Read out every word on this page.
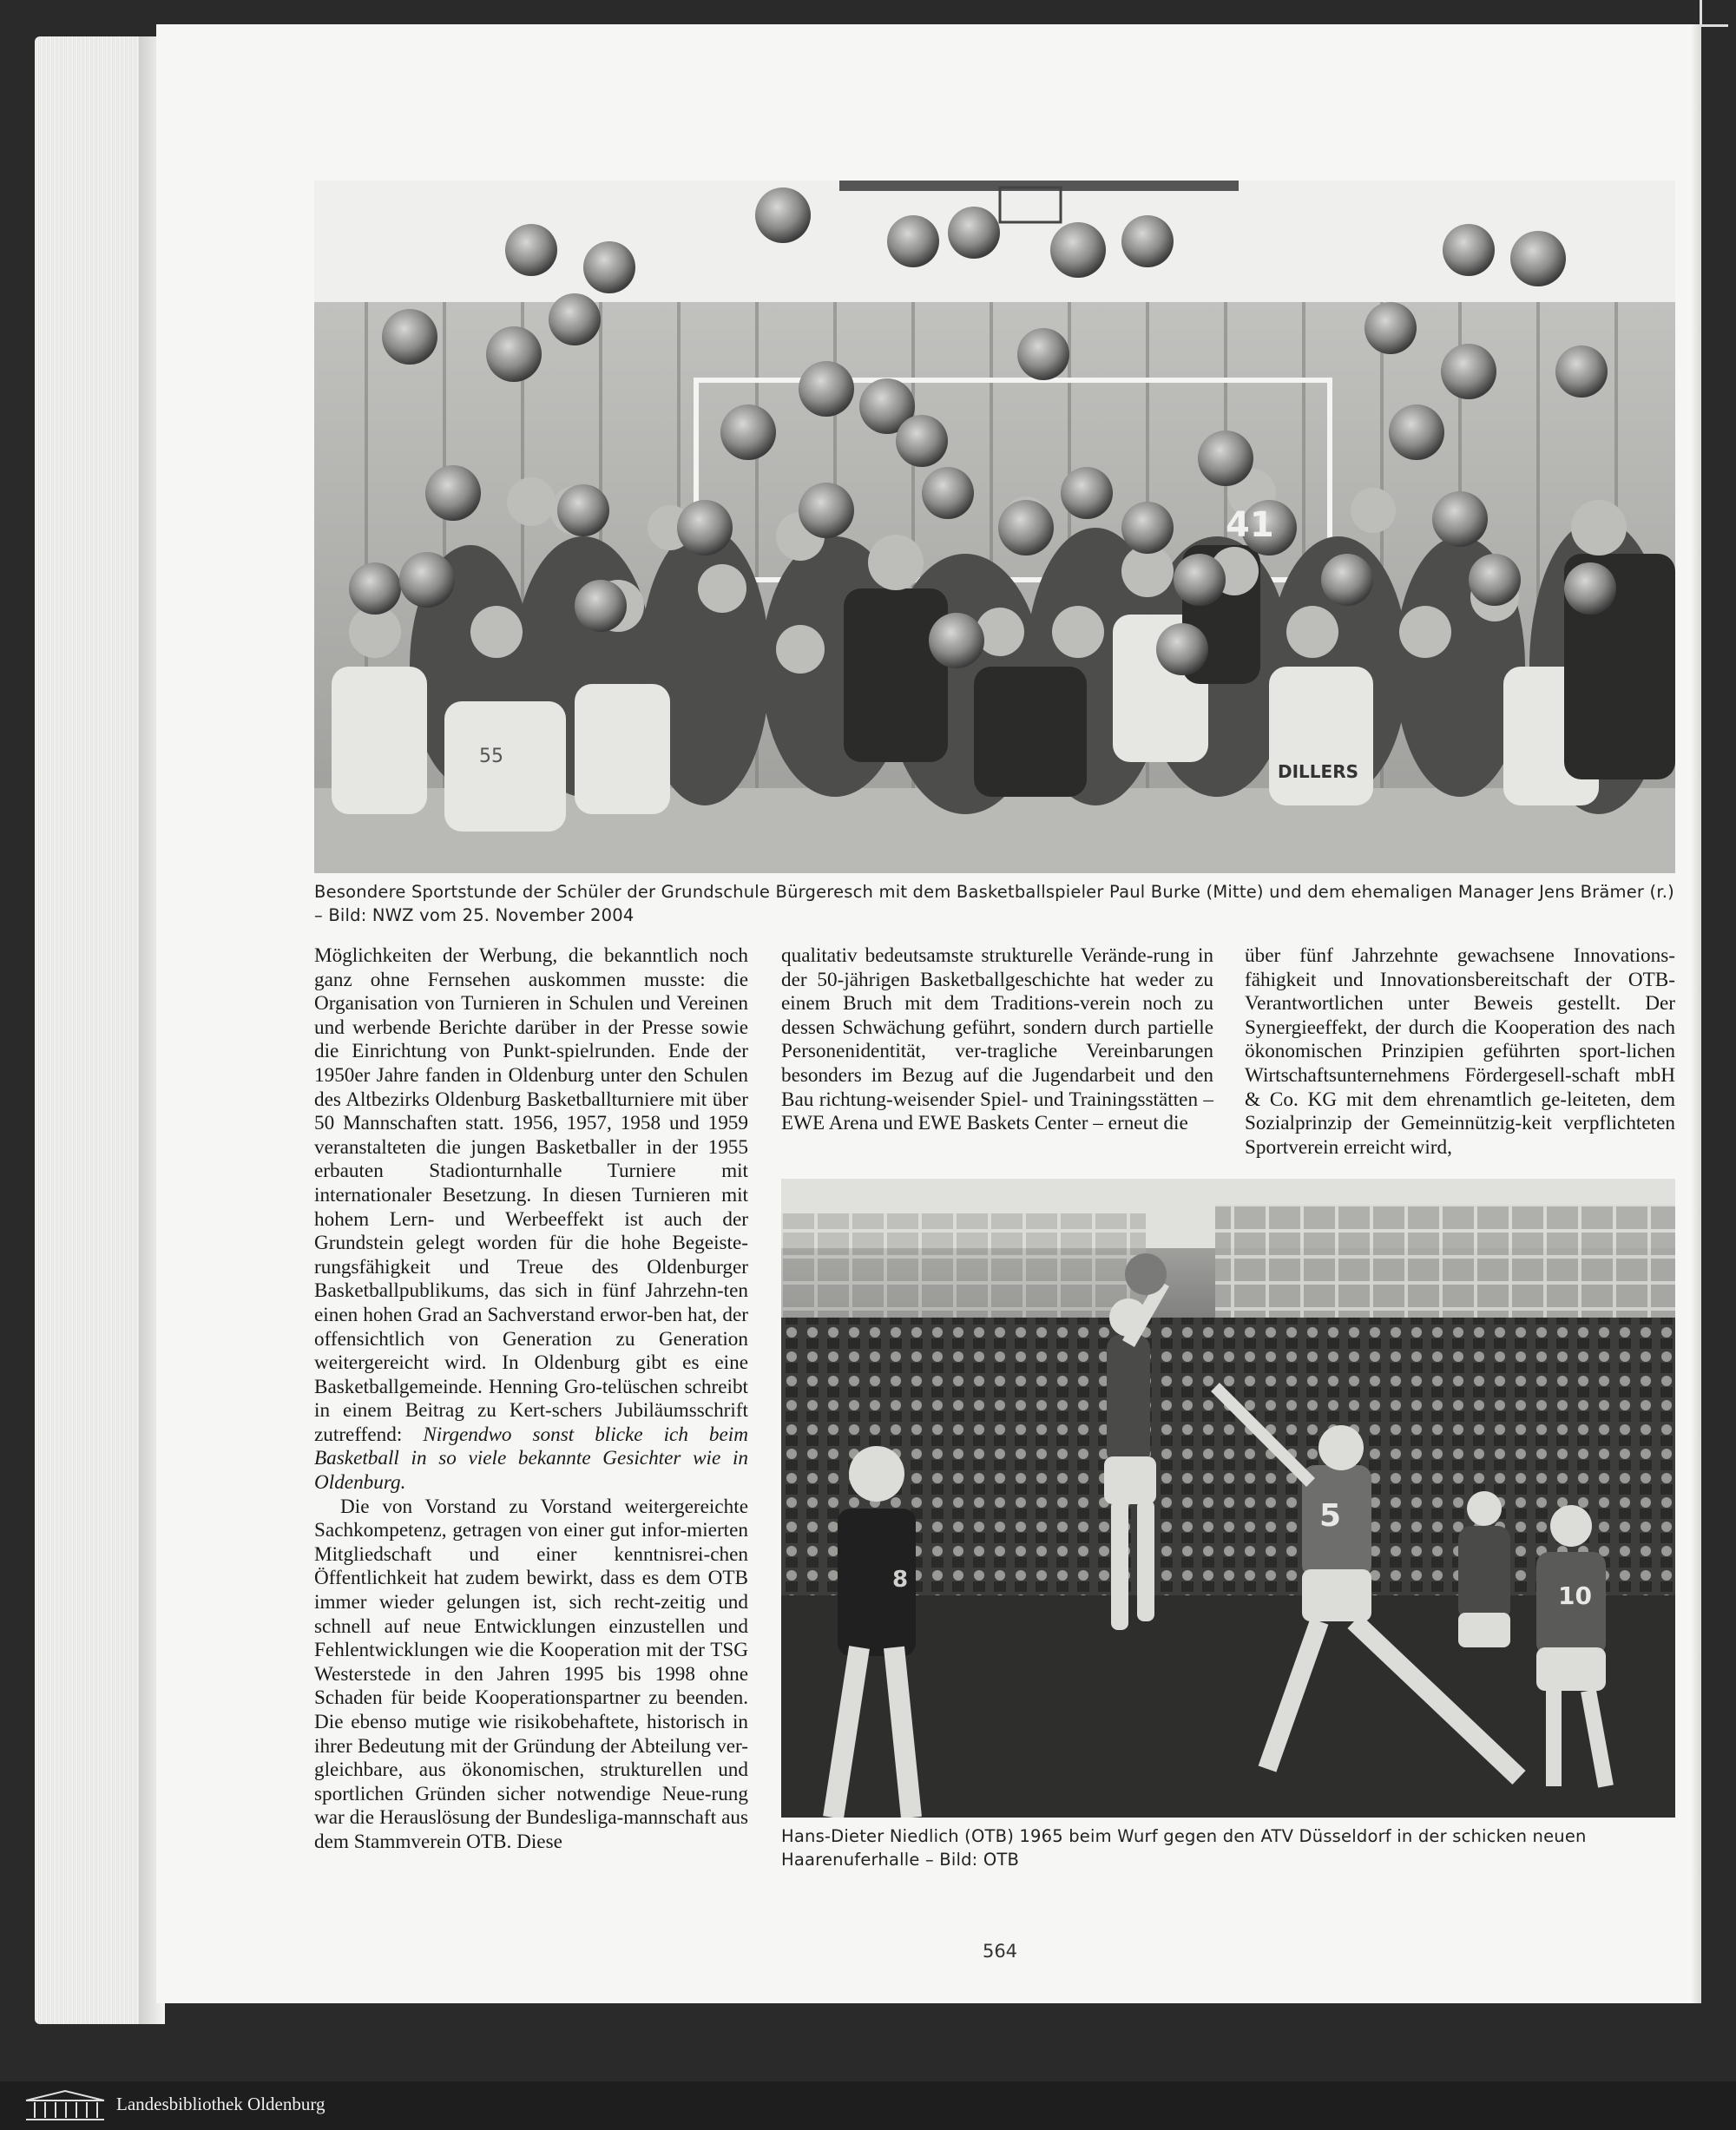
41
55
DILLERS
Besondere Sportstunde der Schüler der Grundschule Bürgeresch mit dem Basketballspieler Paul Burke (Mitte) und dem ehemaligen Manager Jens Brämer (r.) – Bild: NWZ vom 25. November 2004

Möglichkeiten der Werbung, die bekanntlich noch ganz ohne Fernsehen auskommen musste: die Organisation von Turnieren in Schulen und Vereinen und werbende Berichte darüber in der Presse sowie die Einrichtung von Punkt-spielrunden. Ende der 1950er Jahre fanden in Oldenburg unter den Schulen des Altbezirks Oldenburg Basketballturniere mit über 50 Mannschaften statt. 1956, 1957, 1958 und 1959 veranstalteten die jungen Basketballer in der 1955 erbauten Stadionturnhalle Turniere mit internationaler Besetzung. In diesen Turnieren mit hohem Lern- und Werbeeffekt ist auch der Grundstein gelegt worden für die hohe Begeiste-rungsfähigkeit und Treue des Oldenburger Basketballpublikums, das sich in fünf Jahrzehn-ten einen hohen Grad an Sachverstand erwor-ben hat, der offensichtlich von Generation zu Generation weitergereicht wird. In Oldenburg gibt es eine Basketballgemeinde. Henning Gro-telüschen schreibt in einem Beitrag zu Kert-schers Jubiläumsschrift zutreffend: Nirgendwo sonst blicke ich beim Basketball in so viele bekannte Gesichter wie in Oldenburg.

Die von Vorstand zu Vorstand weitergereichte Sachkompetenz, getragen von einer gut infor-mierten Mitgliedschaft und einer kenntnisrei-chen Öffentlichkeit hat zudem bewirkt, dass es dem OTB immer wieder gelungen ist, sich recht-zeitig und schnell auf neue Entwicklungen einzustellen und Fehlentwicklungen wie die Kooperation mit der TSG Westerstede in den Jahren 1995 bis 1998 ohne Schaden für beide Kooperationspartner zu beenden. Die ebenso mutige wie risikobehaftete, historisch in ihrer Bedeutung mit der Gründung der Abteilung ver-gleichbare, aus ökonomischen, strukturellen und sportlichen Gründen sicher notwendige Neue-rung war die Herauslösung der Bundesliga-mannschaft aus dem Stammverein OTB. Diese

qualitativ bedeutsamste strukturelle Verände-rung in der 50-jährigen Basketballgeschichte hat weder zu einem Bruch mit dem Traditions-verein noch zu dessen Schwächung geführt, sondern durch partielle Personenidentität, ver-tragliche Vereinbarungen besonders im Bezug auf die Jugendarbeit und den Bau richtung-weisender Spiel- und Trainingsstätten – EWE Arena und EWE Baskets Center – erneut die

über fünf Jahrzehnte gewachsene Innovations-fähigkeit und Innovationsbereitschaft der OTB-Verantwortlichen unter Beweis gestellt. Der Synergieeffekt, der durch die Kooperation des nach ökonomischen Prinzipien geführten sport-lichen Wirtschaftsunternehmens Fördergesell-schaft mbH & Co. KG mit dem ehrenamtlich ge-leiteten, dem Sozialprinzip der Gemeinnützig-keit verpflichteten Sportverein erreicht wird,

5
10
8
Hans-Dieter Niedlich (OTB) 1965 beim Wurf gegen den ATV Düsseldorf in der schicken neuen Haarenuferhalle – Bild: OTB
564
Landesbibliothek Oldenburg
